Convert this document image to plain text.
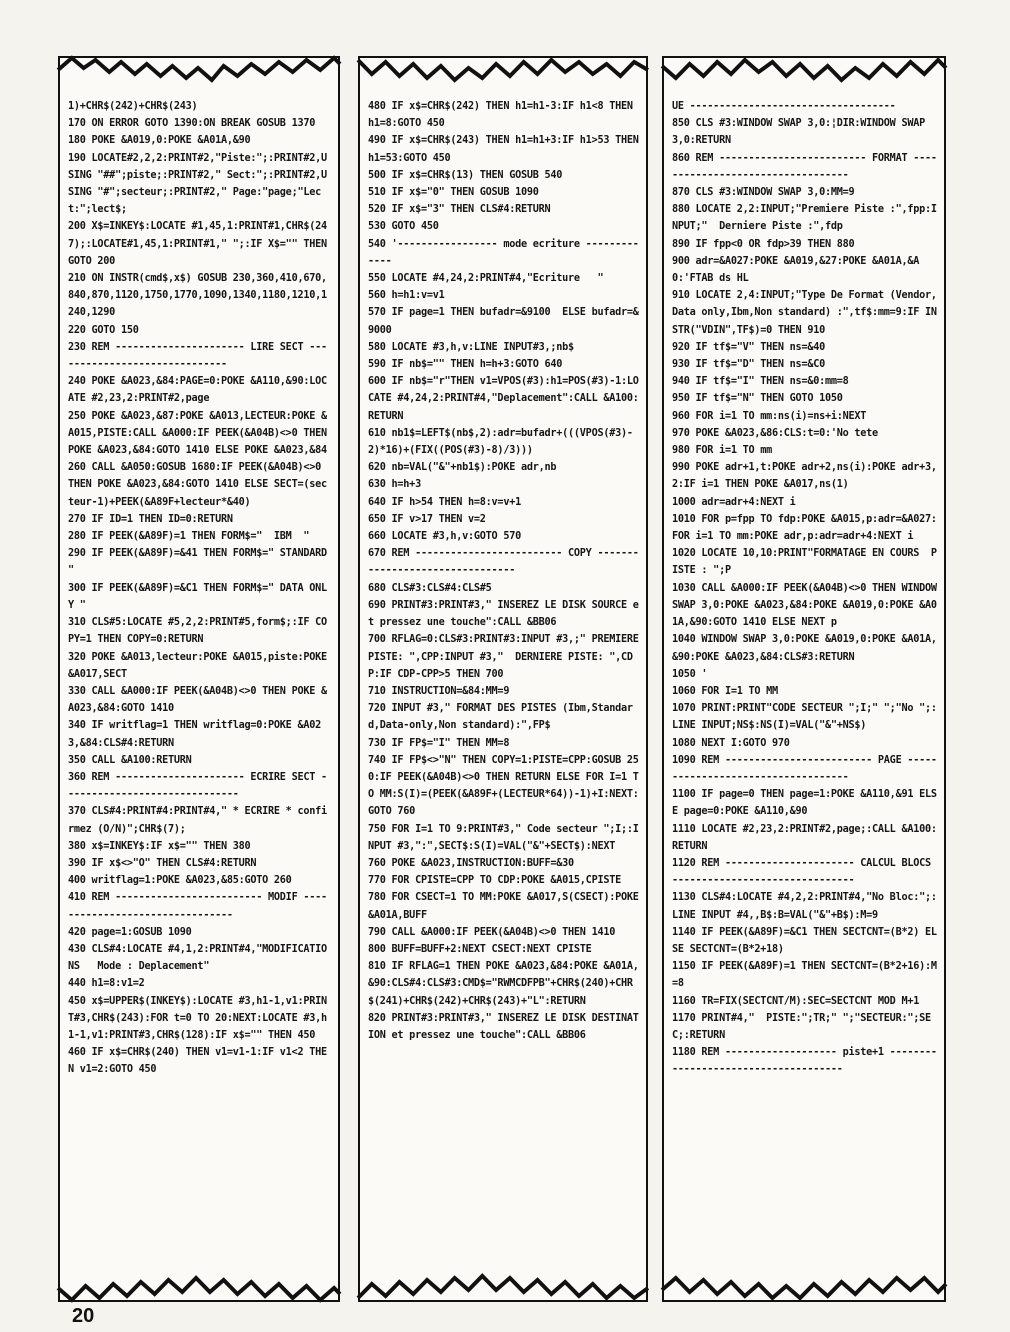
1)+CHR$(242)+CHR$(243)
170 ON ERROR GOTO 1390:ON BREAK GOSUB 1370
180 POKE &A019,0:POKE &A01A,&90
190 LOCATE#2,2,2:PRINT#2,"Piste:";:PRINT#2,USING "##";piste;:PRINT#2," Sect:";:PRINT#2,USING "#";secteur;:PRINT#2," Page:"page;"Lect:";lect$;
200 X$=INKEY$:LOCATE #1,45,1:PRINT#1,CHR$(247);:LOCATE#1,45,1:PRINT#1," ";:IF X$="" THEN GOTO 200
210 ON INSTR(cmd$,x$) GOSUB 230,360,410,670,840,870,1120,1750,1770,1090,1340,1180,1210,1240,1290
220 GOTO 150
230 REM ---------------------- LIRE SECT ------------------------------
240 POKE &A023,&84:PAGE=0:POKE &A110,&90:LOCATE #2,23,2:PRINT#2,page
250 POKE &A023,&87:POKE &A013,LECTEUR:POKE &A015,PISTE:CALL &A000:IF PEEK(&A04B)<>0 THEN POKE &A023,&84:GOTO 1410 ELSE POKE &A023,&84
260 CALL &A050:GOSUB 1680:IF PEEK(&A04B)<>0 THEN POKE &A023,&84:GOTO 1410 ELSE SECT=(secteur-1)+PEEK(&A89F+lecteur*&40)
270 IF ID=1 THEN ID=0:RETURN
280 IF PEEK(&A89F)=1 THEN FORM$="  IBM  "
290 IF PEEK(&A89F)=&41 THEN FORM$=" STANDARD "
300 IF PEEK(&A89F)=&C1 THEN FORM$=" DATA ONLY "
310 CLS#5:LOCATE #5,2,2:PRINT#5,form$;:IF COPY=1 THEN COPY=0:RETURN
320 POKE &A013,lecteur:POKE &A015,piste:POKE &A017,SECT
330 CALL &A000:IF PEEK(&A04B)<>0 THEN POKE &A023,&84:GOTO 1410
340 IF writflag=1 THEN writflag=0:POKE &A023,&84:CLS#4:RETURN
350 CALL &A100:RETURN
360 REM ---------------------- ECRIRE SECT ------------------------------
370 CLS#4:PRINT#4:PRINT#4," * ECRIRE * confirmez (O/N)";CHR$(7);
380 x$=INKEY$:IF x$="" THEN 380
390 IF x$<>"O" THEN CLS#4:RETURN
400 writflag=1:POKE &A023,&85:GOTO 260
410 REM ------------------------- MODIF --------------------------------
420 page=1:GOSUB 1090
430 CLS#4:LOCATE #4,1,2:PRINT#4,"MODIFICATIONS   Mode : Deplacement"
440 h1=8:v1=2
450 x$=UPPER$(INKEY$):LOCATE #3,h1-1,v1:PRINT#3,CHR$(243):FOR t=0 TO 20:NEXT:LOCATE #3,h1-1,v1:PRINT#3,CHR$(128):IF x$="" THEN 450
460 IF x$=CHR$(240) THEN v1=v1-1:IF v1<2 THEN v1=2:GOTO 450
480 IF x$=CHR$(242) THEN h1=h1-3:IF h1<8 THEN h1=8:GOTO 450
490 IF x$=CHR$(243) THEN h1=h1+3:IF h1>53 THEN h1=53:GOTO 450
500 IF x$=CHR$(13) THEN GOSUB 540
510 IF x$="0" THEN GOSUB 1090
520 IF x$="3" THEN CLS#4:RETURN
530 GOTO 450
540 '----------------- mode ecriture -------------
550 LOCATE #4,24,2:PRINT#4,"Ecriture   "
560 h=h1:v=v1
570 IF page=1 THEN bufadr=&9100  ELSE bufadr=&9000
580 LOCATE #3,h,v:LINE INPUT#3,;nb$
590 IF nb$="" THEN h=h+3:GOTO 640
600 IF nb$="r"THEN v1=VPOS(#3):h1=POS(#3)-1:LOCATE #4,24,2:PRINT#4,"Deplacement":CALL &A100:RETURN
610 nb1$=LEFT$(nb$,2):adr=bufadr+(((VPOS(#3)-2)*16)+(FIX((POS(#3)-8)/3)))
620 nb=VAL("&"+nb1$):POKE adr,nb
630 h=h+3
640 IF h>54 THEN h=8:v=v+1
650 IF v>17 THEN v=2
660 LOCATE #3,h,v:GOTO 570
670 REM ------------------------- COPY --------------------------------
680 CLS#3:CLS#4:CLS#5
690 PRINT#3:PRINT#3," INSEREZ LE DISK SOURCE et pressez une touche":CALL &BB06
700 RFLAG=0:CLS#3:PRINT#3:INPUT #3,;" PREMIERE PISTE: ",CPP:INPUT #3,"  DERNIERE PISTE: ",CDP:IF CDP-CPP>5 THEN 700
710 INSTRUCTION=&84:MM=9
720 INPUT #3," FORMAT DES PISTES (Ibm,Standard,Data-only,Non standard):",FP$
730 IF FP$="I" THEN MM=8
740 IF FP$<>"N" THEN COPY=1:PISTE=CPP:GOSUB 250:IF PEEK(&A04B)<>0 THEN RETURN ELSE FOR I=1 TO MM:S(I)=(PEEK(&A89F+(LECTEUR*64))-1)+I:NEXT:GOTO 760
750 FOR I=1 TO 9:PRINT#3," Code secteur ";I;:INPUT #3,":",SECT$:S(I)=VAL("&"+SECT$):NEXT
760 POKE &A023,INSTRUCTION:BUFF=&30
770 FOR CPISTE=CPP TO CDP:POKE &A015,CPISTE
780 FOR CSECT=1 TO MM:POKE &A017,S(CSECT):POKE &A01A,BUFF
790 CALL &A000:IF PEEK(&A04B)<>0 THEN 1410
800 BUFF=BUFF+2:NEXT CSECT:NEXT CPISTE
810 IF RFLAG=1 THEN POKE &A023,&84:POKE &A01A,&90:CLS#4:CLS#3:CMD$="RWMCDFPB"+CHR$(240)+CHR$(241)+CHR$(242)+CHR$(243)+"L":RETURN
820 PRINT#3:PRINT#3," INSEREZ LE DISK DESTINATION et pressez une touche":CALL &BB06
UE -----------------------------------
850 CLS #3:WINDOW SWAP 3,0:¦DIR:WINDOW SWAP 3,0:RETURN
860 REM ------------------------- FORMAT ----------------------------------
870 CLS #3:WINDOW SWAP 3,0:MM=9
880 LOCATE 2,2:INPUT;"Premiere Piste :",fpp:INPUT;"  Derniere Piste :",fdp
890 IF fpp<0 OR fdp>39 THEN 880
900 adr=&A027:POKE &A019,&27:POKE &A01A,&A0:'FTAB ds HL
910 LOCATE 2,4:INPUT;"Type De Format (Vendor,Data only,Ibm,Non standard) :",tf$:mm=9:IF INSTR("VDIN",TF$)=0 THEN 910
920 IF tf$="V" THEN ns=&40
930 IF tf$="D" THEN ns=&C0
940 IF tf$="I" THEN ns=&0:mm=8
950 IF tf$="N" THEN GOTO 1050
960 FOR i=1 TO mm:ns(i)=ns+i:NEXT
970 POKE &A023,&86:CLS:t=0:'No tete
980 FOR i=1 TO mm
990 POKE adr+1,t:POKE adr+2,ns(i):POKE adr+3,2:IF i=1 THEN POKE &A017,ns(1)
1000 adr=adr+4:NEXT i
1010 FOR p=fpp TO fdp:POKE &A015,p:adr=&A027:FOR i=1 TO mm:POKE adr,p:adr=adr+4:NEXT i
1020 LOCATE 10,10:PRINT"FORMATAGE EN COURS  PISTE : ";P
1030 CALL &A000:IF PEEK(&A04B)<>0 THEN WINDOW SWAP 3,0:POKE &A023,&84:POKE &A019,0:POKE &A01A,&90:GOTO 1410 ELSE NEXT p
1040 WINDOW SWAP 3,0:POKE &A019,0:POKE &A01A,&90:POKE &A023,&84:CLS#3:RETURN
1050 '
1060 FOR I=1 TO MM
1070 PRINT:PRINT"CODE SECTEUR ";I;" ";"No ";:LINE INPUT;NS$:NS(I)=VAL("&"+NS$)
1080 NEXT I:GOTO 970
1090 REM ------------------------- PAGE -----------------------------------
1100 IF page=0 THEN page=1:POKE &A110,&91 ELSE page=0:POKE &A110,&90
1110 LOCATE #2,23,2:PRINT#2,page;:CALL &A100:RETURN
1120 REM ---------------------- CALCUL BLOCS -------------------------------
1130 CLS#4:LOCATE #4,2,2:PRINT#4,"No Bloc:";:LINE INPUT #4,,B$:B=VAL("&"+B$):M=9
1140 IF PEEK(&A89F)=&C1 THEN SECTCNT=(B*2) ELSE SECTCNT=(B*2+18)
1150 IF PEEK(&A89F)=1 THEN SECTCNT=(B*2+16):M=8
1160 TR=FIX(SECTCNT/M):SEC=SECTCNT MOD M+1
1170 PRINT#4,"  PISTE:";TR;" ";"SECTEUR:";SEC;:RETURN
1180 REM ------------------- piste+1 -------------------------------------
20
